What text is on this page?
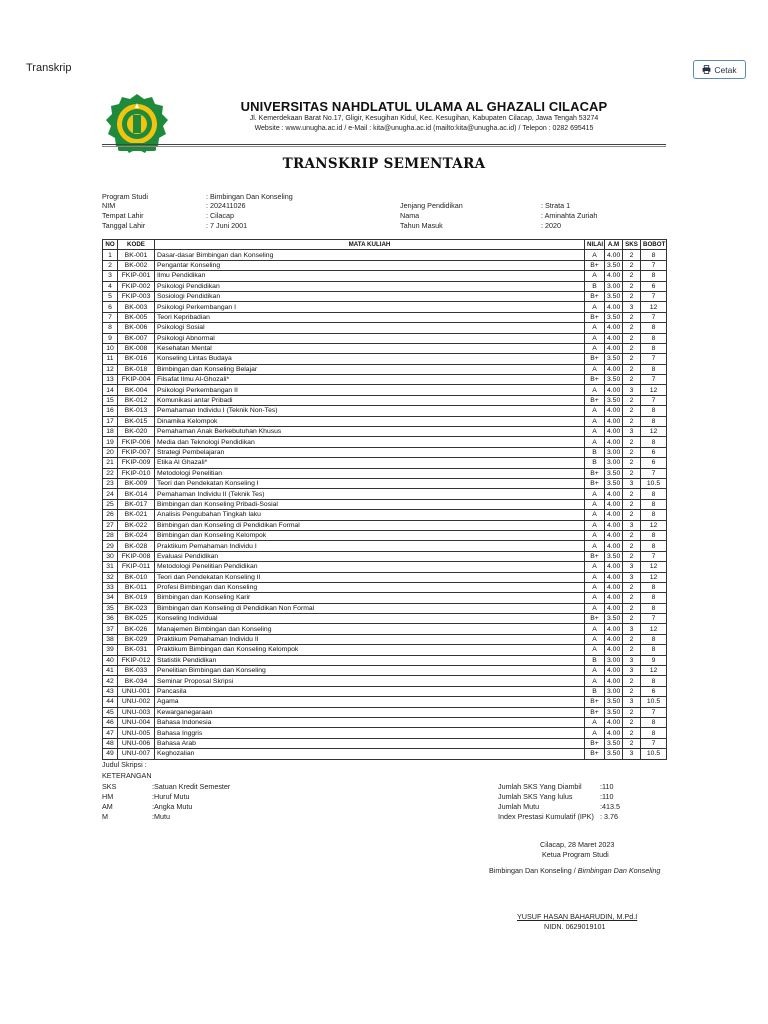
Transkrip	Cetak
UNIVERSITAS NAHDLATUL ULAMA AL GHAZALI CILACAP
Jl. Kemerdekaan Barat No.17, Gligir, Kesugihan Kidul, Kec. Kesugihan, Kabupaten Cilacap, Jawa Tengah 53274
Website : www.unugha.ac.id / e-Mail : kita@unugha.ac.id (mailto:kita@unugha.ac.id) / Telepon : 0282 695415
TRANSKRIP SEMENTARA
Program Studi	: Bimbingan Dan Konseling
NIM	: 202411026
Tempat Lahir	: Cilacap
Tanggal Lahir	: 7 Juni 2001
Jenjang Pendidikan	: Strata 1
Nama	: Aminahta Zuriah
Tahun Masuk	: 2020
NO	KODE	MATA KULIAH	NILAI	A.M	SKS	BOBOT
1	BK-001	Dasar-dasar Bimbingan dan Konseling	A	4.00	2	8
2	BK-002	Pengantar Konseling	B+	3.50	2	7
3	FKIP-001	Ilmu Pendidikan	A	4.00	2	8
4	FKIP-002	Psikologi Pendidikan	B	3.00	2	6
5	FKIP-003	Sosiologi Pendidikan	B+	3.50	2	7
6	BK-003	Psikologi Perkembangan I	A	4.00	3	12
7	BK-005	Teori Kepribadian	B+	3.50	2	7
8	BK-006	Psikologi Sosial	A	4.00	2	8
9	BK-007	Psikologi Abnormal	A	4.00	2	8
10	BK-008	Kesehatan Mental	A	4.00	2	8
11	BK-016	Konseling Lintas Budaya	B+	3.50	2	7
12	BK-018	Bimbingan dan Konseling Belajar	A	4.00	2	8
13	FKIP-004	Filsafat Ilmu Al-Ghozali*	B+	3.50	2	7
14	BK-004	Psikologi Perkembangan II	A	4.00	3	12
15	BK-012	Komunikasi antar Pribadi	B+	3.50	2	7
16	BK-013	Pemahaman Individu I (Teknik Non-Tes)	A	4.00	2	8
17	BK-015	Dinamika Kelompok	A	4.00	2	8
18	BK-020	Pemahaman Anak Berkebutuhan Khusus	A	4.00	3	12
19	FKIP-006	Media dan Teknologi Pendidikan	A	4.00	2	8
20	FKIP-007	Strategi Pembelajaran	B	3.00	2	6
21	FKIP-009	Etika Al Ghazali*	B	3.00	2	6
22	FKIP-010	Metodologi Penelitian	B+	3.50	2	7
23	BK-009	Teori dan Pendekatan Konseling I	B+	3.50	3	10.5
24	BK-014	Pemahaman Individu II (Teknik Tes)	A	4.00	2	8
25	BK-017	Bimbingan dan Konseling Pribadi-Sosial	A	4.00	2	8
26	BK-021	Analisis Pengubahan Tingkah laku	A	4.00	2	8
27	BK-022	Bimbingan dan Konseling di Pendidikan Formal	A	4.00	3	12
28	BK-024	Bimbingan dan Konseling Kelompok	A	4.00	2	8
29	BK-028	Praktikum Pemahaman Individu I	A	4.00	2	8
30	FKIP-008	Evaluasi Pendidikan	B+	3.50	2	7
31	FKIP-011	Metodologi Penelitian Pendidikan	A	4.00	3	12
32	BK-010	Teori dan Pendekatan Konseling II	A	4.00	3	12
33	BK-011	Profesi Bimbingan dan Konseling	A	4.00	2	8
34	BK-019	Bimbingan dan Konseling Karir	A	4.00	2	8
35	BK-023	Bimbingan dan Konseling di Pendidikan Non Formal	A	4.00	2	8
36	BK-025	Konseling Individual	B+	3.50	2	7
37	BK-026	Manajemen Bimbingan dan Konseling	A	4.00	3	12
38	BK-029	Praktikum Pemahaman Individu II	A	4.00	2	8
39	BK-031	Praktikum Bimbingan dan Konseling Kelompok	A	4.00	2	8
40	FKIP-012	Statistik Pendidikan	B	3.00	3	9
41	BK-033	Penelitian Bimbingan dan Konseling	A	4.00	3	12
42	BK-034	Seminar Proposal Skripsi	A	4.00	2	8
43	UNU-001	Pancasila	B	3.00	2	6
44	UNU-002	Agama	B+	3.50	3	10.5
45	UNU-003	Kewarganegaraan	B+	3.50	2	7
46	UNU-004	Bahasa Indonesia	A	4.00	2	8
47	UNU-005	Bahasa Inggris	A	4.00	2	8
48	UNU-006	Bahasa Arab	B+	3.50	2	7
49	UNU-007	Keghozalian	B+	3.50	3	10.5
Judul Skripsi :
KETERANGAN
SKS	:Satuan Kredit Semester
HM	:Huruf Mutu
AM	:Angka Mutu
M	:Mutu
Jumlah SKS Yang Diambil	:110
Jumlah SKS Yang lulus	:110
Jumlah Mutu	:413.5
Index Prestasi Kumulatif (IPK) : 3.76
Cilacap, 28 Maret 2023
Ketua Program Studi
Bimbingan Dan Konseling / Bimbingan Dan Konseling
YUSUF HASAN BAHARUDIN, M.Pd.I
NIDN. 0629019101
